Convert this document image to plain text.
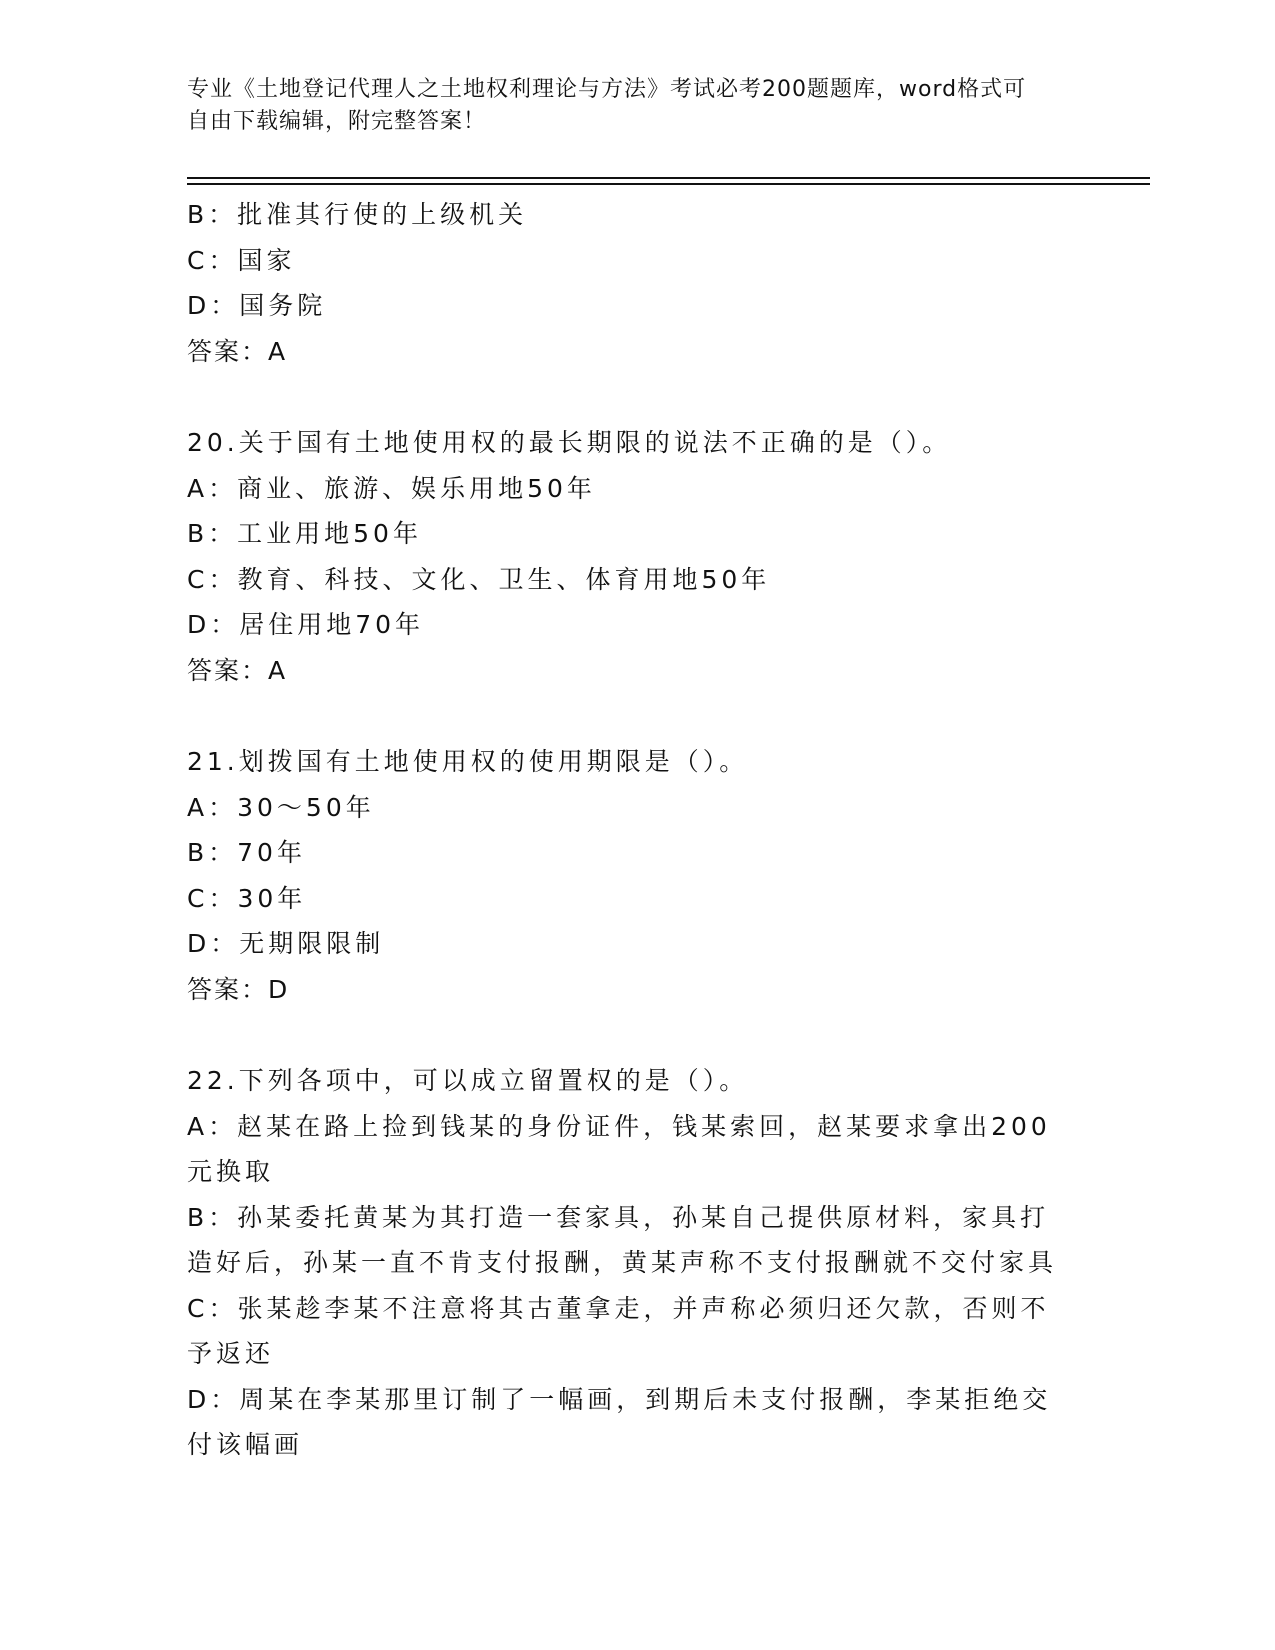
专业《土地登记代理人之土地权利理论与方法》考试必考200题题库，word格式可自由下载编辑，附完整答案！

B：批准其行使的上级机关

C：国家

D：国务院

答案：A

20.关于国有土地使用权的最长期限的说法不正确的是（）。

A：商业、旅游、娱乐用地50年

B：工业用地50年

C：教育、科技、文化、卫生、体育用地50年

D：居住用地70年

答案：A

21.划拨国有土地使用权的使用期限是（）。

A：30～50年

B：70年

C：30年

D：无期限限制

答案：D

22.下列各项中，可以成立留置权的是（）。

A：赵某在路上捡到钱某的身份证件，钱某索回，赵某要求拿出200元换取

B：孙某委托黄某为其打造一套家具，孙某自己提供原材料，家具打造好后，孙某一直不肯支付报酬，黄某声称不支付报酬就不交付家具

C：张某趁李某不注意将其古董拿走，并声称必须归还欠款，否则不予返还

D：周某在李某那里订制了一幅画，到期后未支付报酬，李某拒绝交付该幅画
